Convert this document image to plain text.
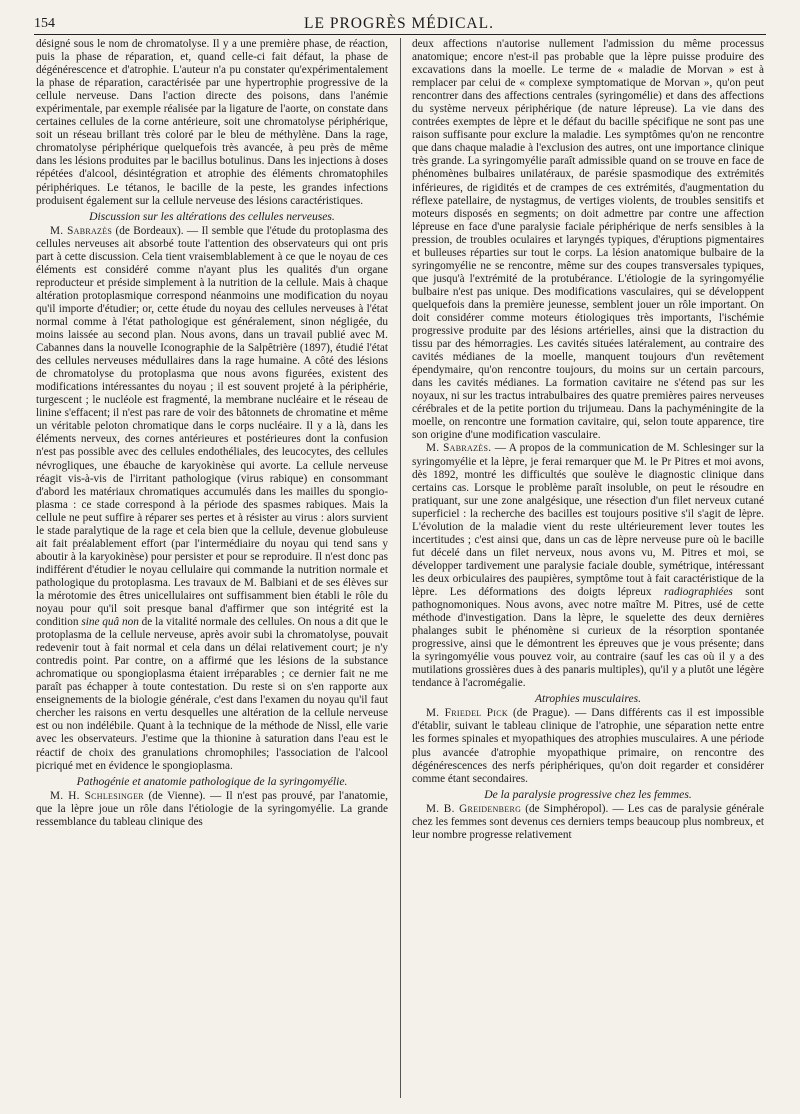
154	LE PROGRÈS MÉDICAL.

désigné sous le nom de chromatolyse. Il y a une première phase, de réaction, puis la phase de réparation, et, quand celle-ci fait défaut, la phase de dégénérescence et d'atrophie. L'auteur n'a pu constater qu'expérimentalement la phase de réparation, caractérisée par une hypertrophie progressive de la cellule nerveuse. Dans l'action directe des poisons, dans l'anémie expérimentale, par exemple réalisée par la ligature de l'aorte, on constate dans certaines cellules de la corne antérieure, soit une chromatolyse périphérique, soit un réseau brillant très coloré par le bleu de méthylène. Dans la rage, chromatolyse périphérique quelquefois très avancée, à peu près de même dans les lésions produites par le bacillus botulinus. Dans les injections à doses répétées d'alcool, désintégration et atrophie des éléments chromatophiles périphériques. Le tétanos, le bacille de la peste, les grandes infections produisent également sur la cellule nerveuse des lésions caractéristiques.

Discussion sur les altérations des cellules nerveuses.

M. Sabrazès (de Bordeaux). — Il semble que l'étude du protoplasma des cellules nerveuses ait absorbé toute l'attention des observateurs qui ont pris part à cette discussion. Cela tient vraisemblablement à ce que le noyau de ces éléments est considéré comme n'ayant plus les qualités d'un organe reproducteur et préside simplement à la nutrition de la cellule. Mais à chaque altération protoplasmique correspond néanmoins une modification du noyau qu'il importe d'étudier; or, cette étude du noyau des cellules nerveuses à l'état normal comme à l'état pathologique est généralement, sinon négligée, du moins laissée au second plan. Nous avons, dans un travail publié avec M. Cabannes dans la nouvelle Iconographie de la Salpêtrière (1897), étudié l'état des cellules nerveuses médullaires dans la rage humaine. A côté des lésions de chromatolyse du protoplasma que nous avons figurées, existent des modifications intéressantes du noyau ; il est souvent projeté à la périphérie, turgescent ; le nucléole est fragmenté, la membrane nucléaire et le réseau de linine s'effacent; il n'est pas rare de voir des bâtonnets de chromatine et même un véritable peloton chromatique dans le corps nucléaire. Il y a là, dans les éléments nerveux, des cornes antérieures et postérieures dont la confusion n'est pas possible avec des cellules endothéliales, des leucocytes, des cellules névrogliques, une ébauche de karyokinèse qui avorte. La cellule nerveuse réagit vis-à-vis de l'irritant pathologique (virus rabique) en consommant d'abord les matériaux chromatiques accumulés dans les mailles du spongio-plasma : ce stade correspond à la période des spasmes rabiques. Mais la cellule ne peut suffire à réparer ses pertes et à résister au virus : alors survient le stade paralytique de la rage et cela bien que la cellule, devenue globuleuse ait fait préalablement effort (par l'intermédiaire du noyau qui tend sans y aboutir à la karyokinèse) pour persister et pour se reproduire. Il n'est donc pas indifférent d'étudier le noyau cellulaire qui commande la nutrition normale et pathologique du protoplasma. Les travaux de M. Balbiani et de ses élèves sur la mérotomie des êtres unicellulaires ont suffisamment bien établi le rôle du noyau pour qu'il soit presque banal d'affirmer que son intégrité est la condition sine quâ non de la vitalité normale des cellules. On nous a dit que le protoplasma de la cellule nerveuse, après avoir subi la chromatolyse, pouvait redevenir tout à fait normal et cela dans un délai relativement court; je n'y contredis point. Par contre, on a affirmé que les lésions de la substance achromatique ou spongioplasma étaient irréparables ; ce dernier fait ne me paraît pas échapper à toute contestation. Du reste si on s'en rapporte aux enseignements de la biologie générale, c'est dans l'examen du noyau qu'il faut chercher les raisons en vertu desquelles une altération de la cellule nerveuse est ou non indélébile. Quant à la technique de la méthode de Nissl, elle varie avec les observateurs. J'estime que la thionine à saturation dans l'eau est le réactif de choix des granulations chromophiles; l'association de l'alcool picriqué met en évidence le spongioplasma.

Pathogénie et anatomie pathologique de la syringomyélie.

M. H. Schlesinger (de Vienne). — Il n'est pas prouvé, par l'anatomie, que la lèpre joue un rôle dans l'étiologie de la syringomyélie. La grande ressemblance du tableau clinique des

deux affections n'autorise nullement l'admission du même processus anatomique; encore n'est-il pas probable que la lèpre puisse produire des excavations dans la moelle. Le terme de « maladie de Morvan » est à remplacer par celui de « complexe symptomatique de Morvan », qu'on peut rencontrer dans des affections centrales (syringomélie) et dans des affections du système nerveux périphérique (de nature lépreuse). La vie dans des contrées exemptes de lèpre et le défaut du bacille spécifique ne sont pas une raison suffisante pour exclure la maladie. Les symptômes qu'on ne rencontre que dans chaque maladie à l'exclusion des autres, ont une importance clinique très grande. La syringomyélie paraît admissible quand on se trouve en face de phénomènes bulbaires unilatéraux, de parésie spasmodique des extrémités inférieures, de rigidités et de crampes de ces extrémités, d'augmentation du réflexe patellaire, de nystagmus, de vertiges violents, de troubles sensitifs et moteurs disposés en segments; on doit admettre par contre une affection lépreuse en face d'une paralysie faciale périphérique de nerfs sensibles à la pression, de troubles oculaires et laryngés typiques, d'éruptions pigmentaires et bulleuses réparties sur tout le corps. La lésion anatomique bulbaire de la syringomyélie ne se rencontre, même sur des coupes transversales typiques, que jusqu'à l'extrémité de la protubérance. L'étiologie de la syringomyélie bulbaire n'est pas unique. Des modifications vasculaires, qui se développent quelquefois dans la première jeunesse, semblent jouer un rôle important. On doit considérer comme moteurs étiologiques très importants, l'ischémie progressive produite par des lésions artérielles, ainsi que la distraction du tissu par des hémorragies. Les cavités situées latéralement, au contraire des cavités médianes de la moelle, manquent toujours d'un revêtement épendymaire, qu'on rencontre toujours, du moins sur un certain parcours, dans les cavités médianes. La formation cavitaire ne s'étend pas sur les noyaux, ni sur les tractus intrabulbaires des quatre premières paires nerveuses cérébrales et de la petite portion du trijumeau. Dans la pachyméningite de la moelle, on rencontre une formation cavitaire, qui, selon toute apparence, tire son origine d'une modification vasculaire.

M. Sabrazès. — A propos de la communication de M. Schlesinger sur la syringomyélie et la lèpre, je ferai remarquer que M. le Pr Pitres et moi avons, dès 1892, montré les difficultés que soulève le diagnostic clinique dans certains cas. Lorsque le problème paraît insoluble, on peut le résoudre en pratiquant, sur une zone analgésique, une résection d'un filet nerveux cutané superficiel : la recherche des bacilles est toujours positive s'il s'agit de lèpre. L'évolution de la maladie vient du reste ultérieurement lever toutes les incertitudes ; c'est ainsi que, dans un cas de lèpre nerveuse pure où le bacille fut décelé dans un filet nerveux, nous avons vu, M. Pitres et moi, se développer tardivement une paralysie faciale double, symétrique, intéressant les deux orbiculaires des paupières, symptôme tout à fait caractéristique de la lèpre. Les déformations des doigts lépreux radiographiées sont pathognomoniques. Nous avons, avec notre maître M. Pitres, usé de cette méthode d'investigation. Dans la lèpre, le squelette des deux dernières phalanges subit le phénomène si curieux de la résorption spontanée progressive, ainsi que le démontrent les épreuves que je vous présente; dans la syringomyélie vous pouvez voir, au contraire (sauf les cas où il y a des mutilations grossières dues à des panaris multiples), qu'il y a plutôt une légère tendance à l'acromégalie.

Atrophies musculaires.

M. Friedel Pick (de Prague). — Dans différents cas il est impossible d'établir, suivant le tableau clinique de l'atrophie, une séparation nette entre les formes spinales et myopathiques des atrophies musculaires. A une période plus avancée d'atrophie myopathique primaire, on rencontre des dégénérescences des nerfs périphériques, qu'on doit regarder et considérer comme étant secondaires.

De la paralysie progressive chez les femmes.

M. B. Greidenberg (de Simphéropol). — Les cas de paralysie générale chez les femmes sont devenus ces derniers temps beaucoup plus nombreux, et leur nombre progresse relativement
